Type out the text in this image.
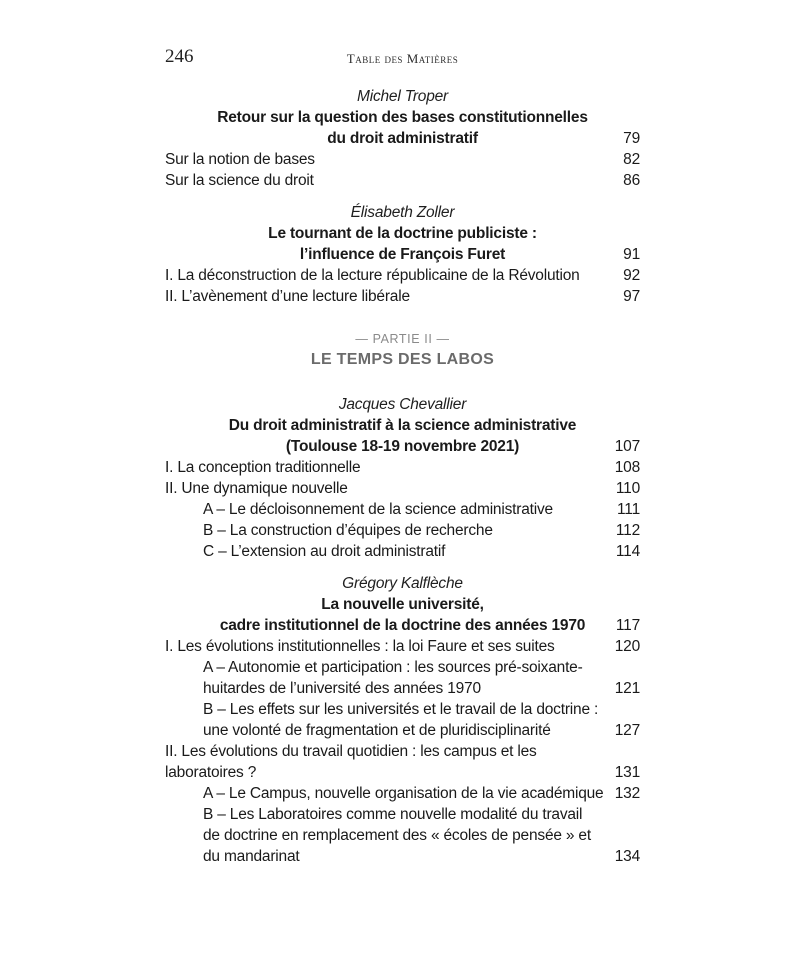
246	Table des Matières
Michel Troper
Retour sur la question des bases constitutionnelles
du droit administratif	79
Sur la notion de bases	82
Sur la science du droit	86
Élisabeth Zoller
Le tournant de la doctrine publiciste :
l’influence de François Furet	91
I. La déconstruction de la lecture républicaine de la Révolution	92
II. L’avènement d’une lecture libérale	97
— PARTIE II —
LE TEMPS DES LABOS
Jacques Chevallier
Du droit administratif à la science administrative
(Toulouse 18-19 novembre 2021)	107
I. La conception traditionnelle	108
II. Une dynamique nouvelle	110
A – Le décloisonnement de la science administrative	111
B – La construction d’équipes de recherche	112
C – L’extension au droit administratif	114
Grégory Kalflèche
La nouvelle université,
cadre institutionnel de la doctrine des années 1970	117
I. Les évolutions institutionnelles : la loi Faure et ses suites	120
A – Autonomie et participation : les sources pré-soixante-
huitardes de l’université des années 1970	121
B – Les effets sur les universités et le travail de la doctrine :
une volonté de fragmentation et de pluridisciplinarité	127
II. Les évolutions du travail quotidien : les campus et les
laboratoires ?	131
A – Le Campus, nouvelle organisation de la vie académique 132
B – Les Laboratoires comme nouvelle modalité du travail
de doctrine en remplacement des « écoles de pensée » et
du mandarinat	134
